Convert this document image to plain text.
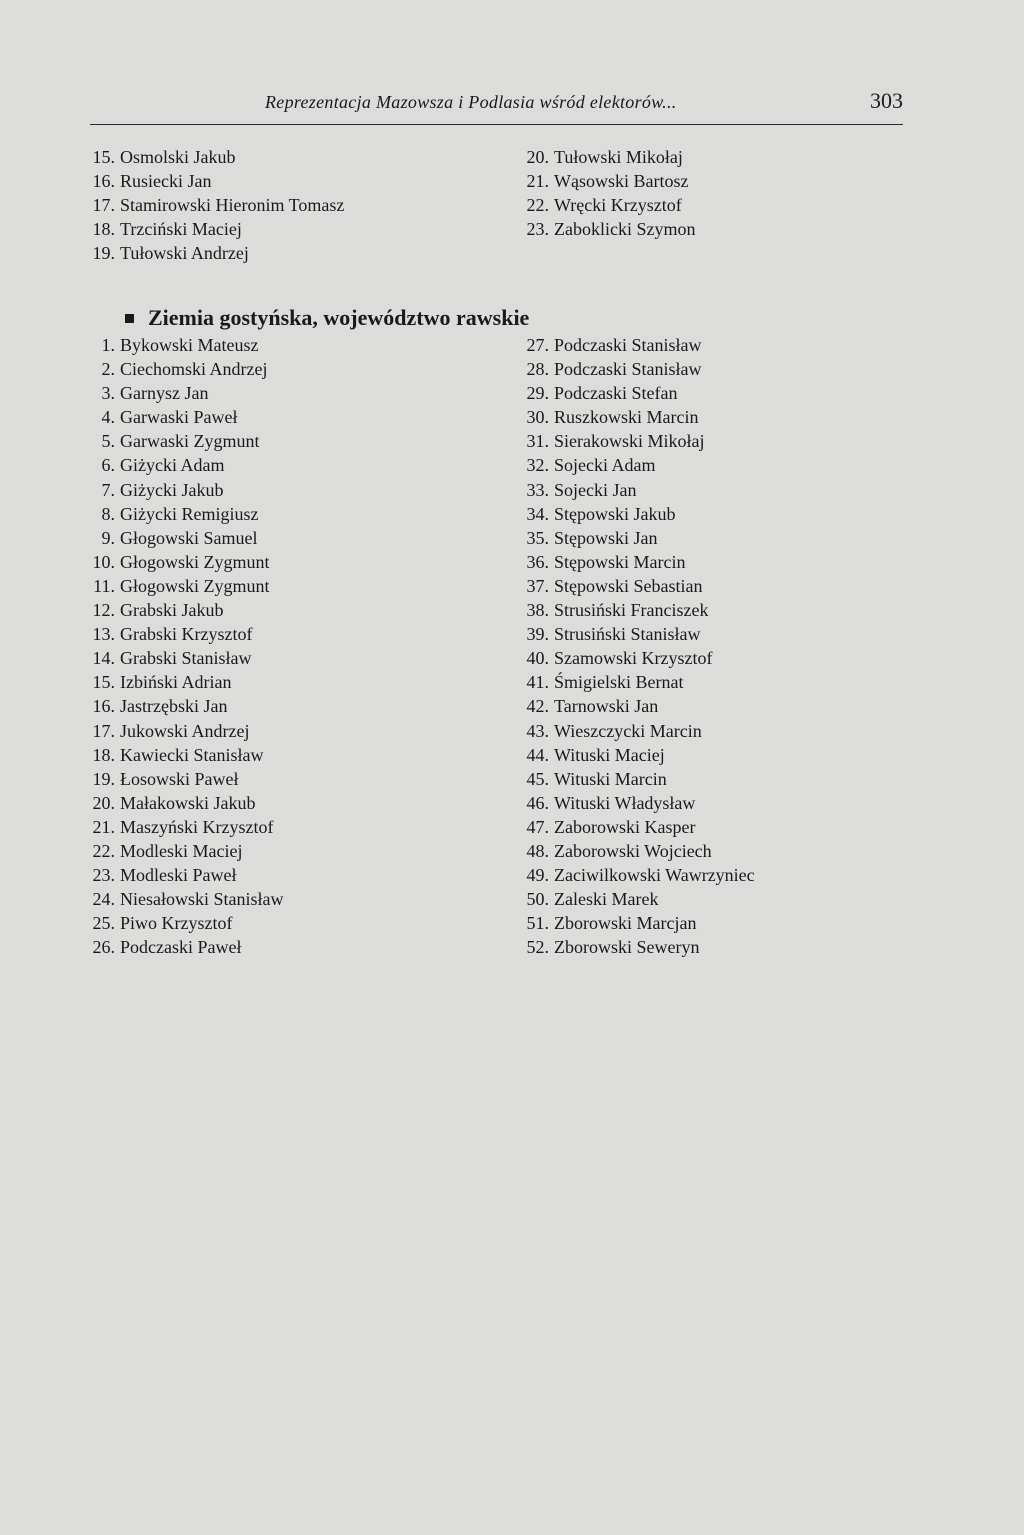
Reprezentacja Mazowsza i Podlasia wśród elektorów...	303
15. Osmolski Jakub
16. Rusiecki Jan
17. Stamirowski Hieronim Tomasz
18. Trzciński Maciej
19. Tułowski Andrzej
20. Tułowski Mikołaj
21. Wąsowski Bartosz
22. Wręcki Krzysztof
23. Zaboklicki Szymon
Ziemia gostyńska, województwo rawskie
1. Bykowski Mateusz
2. Ciechomski Andrzej
3. Garnysz Jan
4. Garwaski Paweł
5. Garwaski Zygmunt
6. Giżycki Adam
7. Giżycki Jakub
8. Giżycki Remigiusz
9. Głogowski Samuel
10. Głogowski Zygmunt
11. Głogowski Zygmunt
12. Grabski Jakub
13. Grabski Krzysztof
14. Grabski Stanisław
15. Izbiński Adrian
16. Jastrzębski Jan
17. Jukowski Andrzej
18. Kawiecki Stanisław
19. Łosowski Paweł
20. Małakowski Jakub
21. Maszyński Krzysztof
22. Modleski Maciej
23. Modleski Paweł
24. Niesałowski Stanisław
25. Piwo Krzysztof
26. Podczaski Paweł
27. Podczaski Stanisław
28. Podczaski Stanisław
29. Podczaski Stefan
30. Ruszkowski Marcin
31. Sierakowski Mikołaj
32. Sojecki Adam
33. Sojecki Jan
34. Stępowski Jakub
35. Stępowski Jan
36. Stępowski Marcin
37. Stępowski Sebastian
38. Strusiński Franciszek
39. Strusiński Stanisław
40. Szamowski Krzysztof
41. Śmigielski Bernat
42. Tarnowski Jan
43. Wieszczycki Marcin
44. Wituski Maciej
45. Wituski Marcin
46. Wituski Władysław
47. Zaborowski Kasper
48. Zaborowski Wojciech
49. Zaciwilkowski Wawrzyniec
50. Zaleski Marek
51. Zborowski Marcjan
52. Zborowski Seweryn
